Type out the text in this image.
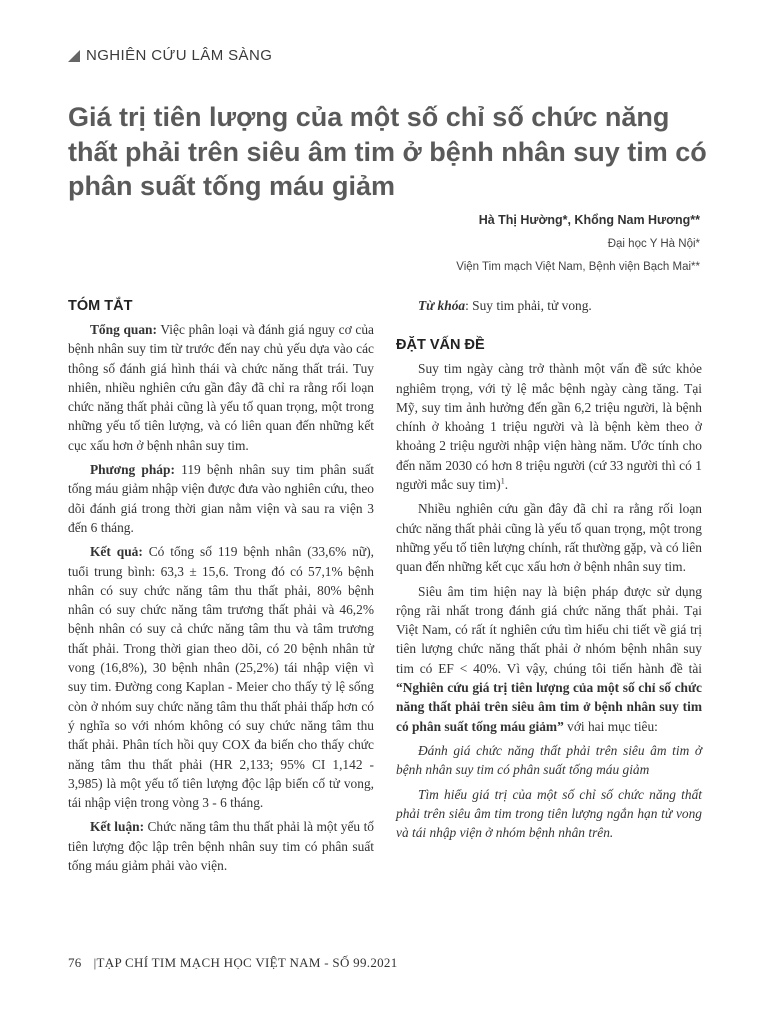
NGHIÊN CỨU LÂM SÀNG
Giá trị tiên lượng của một số chỉ số chức năng thất phải trên siêu âm tim ở bệnh nhân suy tim có phân suất tống máu giảm
Hà Thị Hường*, Khổng Nam Hương**
Đại học Y Hà Nội*
Viện Tim mạch Việt Nam, Bệnh viện Bạch Mai**
TÓM TẮT

Tổng quan: Việc phân loại và đánh giá nguy cơ của bệnh nhân suy tim từ trước đến nay chủ yếu dựa vào các thông số đánh giá hình thái và chức năng thất trái. Tuy nhiên, nhiều nghiên cứu gần đây đã chỉ ra rằng rối loạn chức năng thất phải cũng là yếu tố quan trọng, một trong những yếu tố tiên lượng, và có liên quan đến những kết cục xấu hơn ở bệnh nhân suy tim.

Phương pháp: 119 bệnh nhân suy tim phân suất tống máu giảm nhập viện được đưa vào nghiên cứu, theo dõi đánh giá trong thời gian nằm viện và sau ra viện 3 đến 6 tháng.

Kết quả: Có tổng số 119 bệnh nhân (33,6% nữ), tuổi trung bình: 63,3 ± 15,6. Trong đó có 57,1% bệnh nhân có suy chức năng tâm thu thất phải, 80% bệnh nhân có suy chức năng tâm trương thất phải và 46,2% bệnh nhân có suy cả chức năng tâm thu và tâm trương thất phải. Trong thời gian theo dõi, có 20 bệnh nhân tử vong (16,8%), 30 bệnh nhân (25,2%) tái nhập viện vì suy tim. Đường cong Kaplan - Meier cho thấy tỷ lệ sống còn ở nhóm suy chức năng tâm thu thất phải thấp hơn có ý nghĩa so với nhóm không có suy chức năng tâm thu thất phải. Phân tích hồi quy COX đa biến cho thấy chức năng tâm thu thất phải (HR 2,133; 95% CI 1,142 - 3,985) là một yếu tố tiên lượng độc lập biến cố tử vong, tái nhập viện trong vòng 3 - 6 tháng.

Kết luận: Chức năng tâm thu thất phải là một yếu tố tiên lượng độc lập trên bệnh nhân suy tim có phân suất tống máu giảm phải vào viện.

Từ khóa: Suy tim phải, tử vong.

ĐẶT VẤN ĐỀ

Suy tim ngày càng trở thành một vấn đề sức khỏe nghiêm trọng, với tỷ lệ mắc bệnh ngày càng tăng. Tại Mỹ, suy tim ảnh hưởng đến gần 6,2 triệu người, là bệnh chính ở khoảng 1 triệu người và là bệnh kèm theo ở khoảng 2 triệu người nhập viện hàng năm. Ước tính cho đến năm 2030 có hơn 8 triệu người (cứ 33 người thì có 1 người mắc suy tim)$^1$.

Nhiều nghiên cứu gần đây đã chỉ ra rằng rối loạn chức năng thất phải cũng là yếu tố quan trọng, một trong những yếu tố tiên lượng chính, rất thường gặp, và có liên quan đến những kết cục xấu hơn ở bệnh nhân suy tim.

Siêu âm tim hiện nay là biện pháp được sử dụng rộng rãi nhất trong đánh giá chức năng thất phải. Tại Việt Nam, có rất ít nghiên cứu tìm hiểu chi tiết về giá trị tiên lượng chức năng thất phải ở nhóm bệnh nhân suy tim có EF < 40%. Vì vậy, chúng tôi tiến hành đề tài “Nghiên cứu giá trị tiên lượng của một số chỉ số chức năng thất phải trên siêu âm tim ở bệnh nhân suy tim có phân suất tống máu giảm” với hai mục tiêu:

Đánh giá chức năng thất phải trên siêu âm tim ở bệnh nhân suy tim có phân suất tống máu giảm

Tìm hiểu giá trị của một số chỉ số chức năng thất phải trên siêu âm tim trong tiên lượng ngắn hạn tử vong và tái nhập viện ở nhóm bệnh nhân trên.

76 |TẠP CHÍ TIM MẠCH HỌC VIỆT NAM - SỐ 99.2021
